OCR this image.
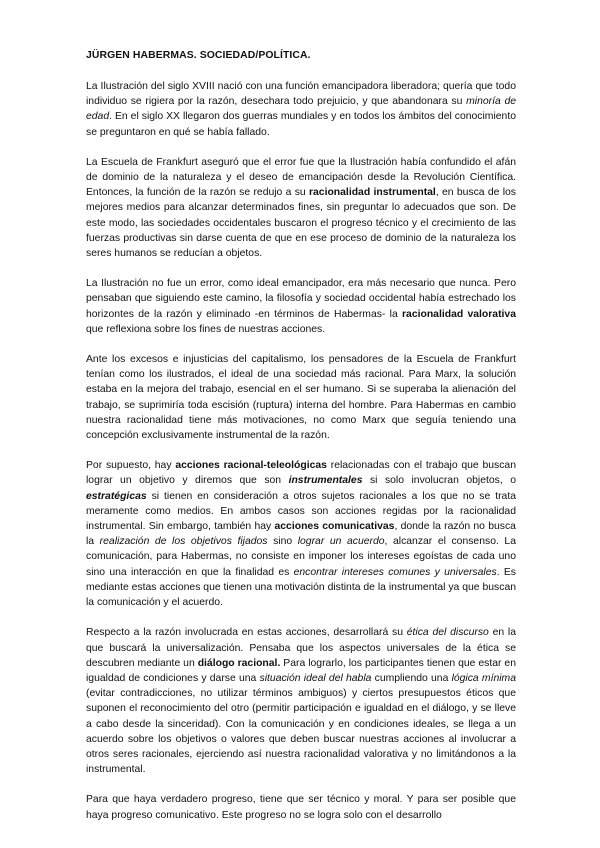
JÜRGEN HABERMAS. SOCIEDAD/POLÍTICA.

La Ilustración del siglo XVIII nació con una función emancipadora liberadora; quería que todo individuo se rigiera por la razón, desechara todo prejuicio, y que abandonara su minoría de edad. En el siglo XX llegaron dos guerras mundiales y en todos los ámbitos del conocimiento se preguntaron en qué se había fallado.

La Escuela de Frankfurt aseguró que el error fue que la Ilustración había confundido el afán de dominio de la naturaleza y el deseo de emancipación desde la Revolución Científica. Entonces, la función de la razón se redujo a su racionalidad instrumental, en busca de los mejores medios para alcanzar determinados fines, sin preguntar lo adecuados que son. De este modo, las sociedades occidentales buscaron el progreso técnico y el crecimiento de las fuerzas productivas sin darse cuenta de que en ese proceso de dominio de la naturaleza los seres humanos se reducían a objetos.

La Ilustración no fue un error, como ideal emancipador, era más necesario que nunca. Pero pensaban que siguiendo este camino, la filosofía y sociedad occidental había estrechado los horizontes de la razón y eliminado -en términos de Habermas- la racionalidad valorativa que reflexiona sobre los fines de nuestras acciones.

Ante los excesos e injusticias del capitalismo, los pensadores de la Escuela de Frankfurt tenían como los ilustrados, el ideal de una sociedad más racional. Para Marx, la solución estaba en la mejora del trabajo, esencial en el ser humano. Si se superaba la alienación del trabajo, se suprimiría toda escisión (ruptura) interna del hombre. Para Habermas en cambio nuestra racionalidad tiene más motivaciones, no como Marx que seguía teniendo una concepción exclusivamente instrumental de la razón.

Por supuesto, hay acciones racional-teleológicas relacionadas con el trabajo que buscan lograr un objetivo y diremos que son instrumentales si solo involucran objetos, o estratégicas si tienen en consideración a otros sujetos racionales a los que no se trata meramente como medios. En ambos casos son acciones regidas por la racionalidad instrumental. Sin embargo, también hay acciones comunicativas, donde la razón no busca la realización de los objetivos fijados sino lograr un acuerdo, alcanzar el consenso. La comunicación, para Habermas, no consiste en imponer los intereses egoístas de cada uno sino una interacción en que la finalidad es encontrar intereses comunes y universales. Es mediante estas acciones que tienen una motivación distinta de la instrumental ya que buscan la comunicación y el acuerdo.

Respecto a la razón involucrada en estas acciones, desarrollará su ética del discurso en la que buscará la universalización. Pensaba que los aspectos universales de la ética se descubren mediante un diálogo racional. Para lograrlo, los participantes tienen que estar en igualdad de condiciones y darse una situación ideal del habla cumpliendo una lógica mínima (evitar contradicciones, no utilizar términos ambiguos) y ciertos presupuestos éticos que suponen el reconocimiento del otro (permitir participación e igualdad en el diálogo, y se lleve a cabo desde la sinceridad). Con la comunicación y en condiciones ideales, se llega a un acuerdo sobre los objetivos o valores que deben buscar nuestras acciones al involucrar a otros seres racionales, ejerciendo así nuestra racionalidad valorativa y no limitándonos a la instrumental.

Para que haya verdadero progreso, tiene que ser técnico y moral. Y para ser posible que haya progreso comunicativo. Este progreso no se logra solo con el desarrollo
